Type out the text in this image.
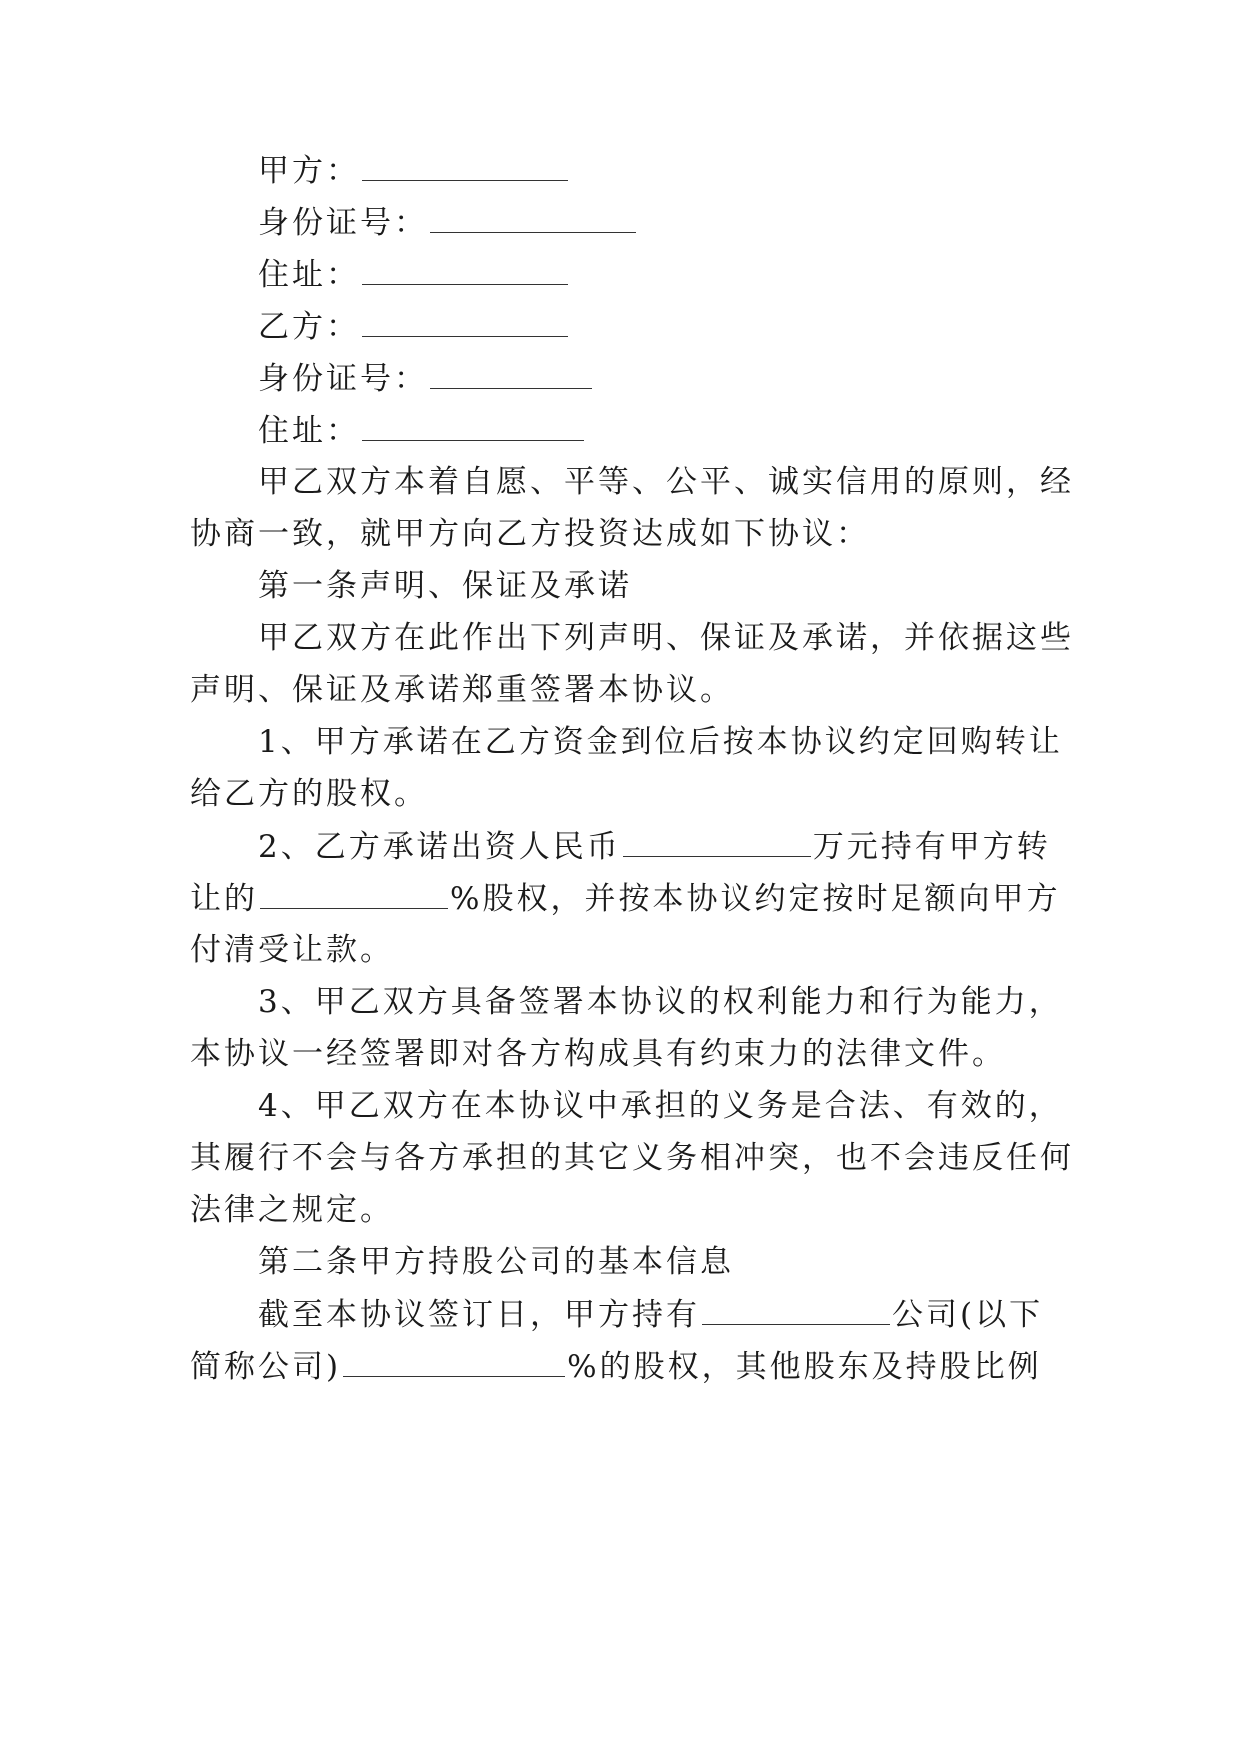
甲方：
身份证号：
住址：
乙方：
身份证号：
住址：
甲乙双方本着自愿、平等、公平、诚实信用的原则，经
协商一致，就甲方向乙方投资达成如下协议：
第一条声明、保证及承诺
甲乙双方在此作出下列声明、保证及承诺，并依据这些
声明、保证及承诺郑重签署本协议。
1、甲方承诺在乙方资金到位后按本协议约定回购转让
给乙方的股权。
2、乙方承诺出资人民币	万元持有甲方转
让的	%股权，并按本协议约定按时足额向甲方
付清受让款。
3、甲乙双方具备签署本协议的权利能力和行为能力，
本协议一经签署即对各方构成具有约束力的法律文件。
4、甲乙双方在本协议中承担的义务是合法、有效的，
其履行不会与各方承担的其它义务相冲突，也不会违反任何
法律之规定。
第二条甲方持股公司的基本信息
截至本协议签订日，甲方持有	公司(以下
简称公司)	%的股权，其他股东及持股比例
